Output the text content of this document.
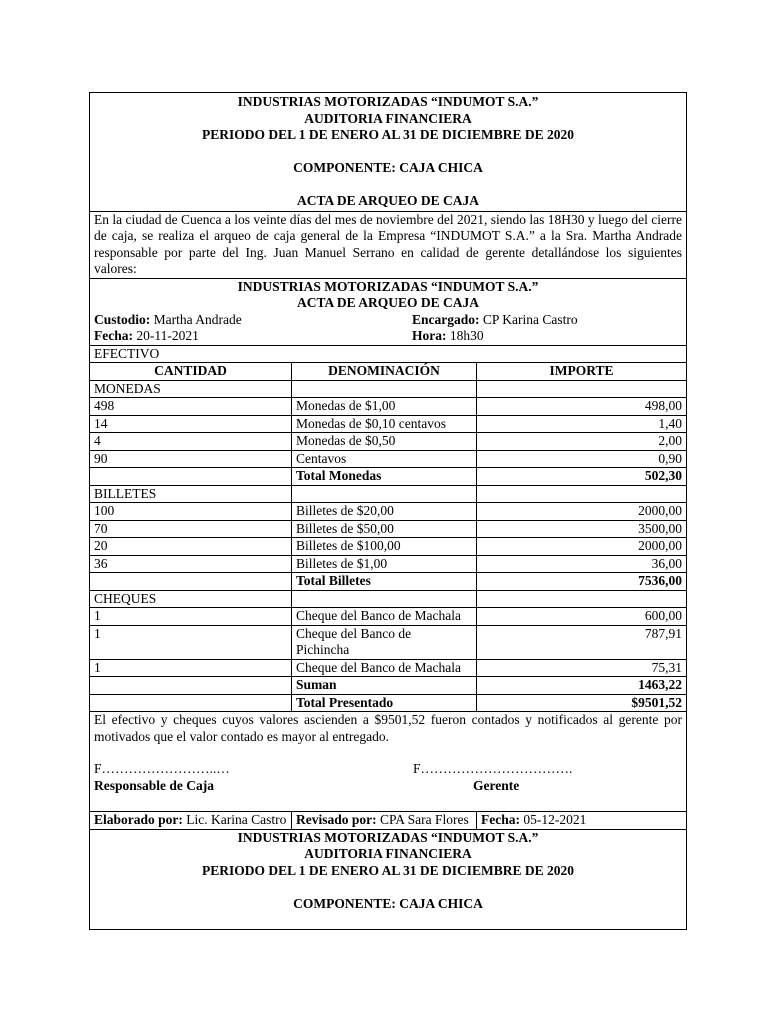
INDUSTRIAS MOTORIZADAS “INDUMOT S.A.”
AUDITORIA FINANCIERA
PERIODO DEL 1 DE ENERO AL 31 DE DICIEMBRE DE 2020
COMPONENTE: CAJA CHICA
ACTA DE ARQUEO DE CAJA

En la ciudad de Cuenca a los veinte días del mes de noviembre del 2021, siendo las 18H30 y luego del cierre de caja, se realiza el arqueo de caja general de la Empresa “INDUMOT S.A.” a la Sra. Martha Andrade responsable por parte del Ing. Juan Manuel Serrano en calidad de gerente detallándose los siguientes valores:

INDUSTRIAS MOTORIZADAS “INDUMOT S.A.”
ACTA DE ARQUEO DE CAJA
Custodio: Martha Andrade	Encargado: CP Karina Castro
Fecha: 20-11-2021	Hora: 18h30

EFECTIVO
CANTIDAD	DENOMINACIÓN	IMPORTE
MONEDAS		
498	Monedas de $1,00	498,00
14	Monedas de $0,10 centavos	1,40
4	Monedas de $0,50	2,00
90	Centavos	0,90
	Total Monedas	502,30
BILLETES		
100	Billetes de $20,00	2000,00
70	Billetes de $50,00	3500,00
20	Billetes de $100,00	2000,00
36	Billetes de $1,00	36,00
	Total Billetes	7536,00
CHEQUES		
1	Cheque del Banco de Machala	600,00
1	Cheque del Banco de Pichincha	787,91
1	Cheque del Banco de Machala	75,31
	Suman	1463,22
	Total Presentado	$9501,52
El efectivo y cheques cuyos valores ascienden a $9501,52 fueron contados y notificados al gerente por motivados que el valor contado es mayor al entregado.
F……………………..…
Responsable de Caja
F…………………………….
Gerente
Elaborado por: Lic. Karina Castro	Revisado por: CPA Sara Flores	Fecha: 05-12-2021
INDUSTRIAS MOTORIZADAS “INDUMOT S.A.”
AUDITORIA FINANCIERA
PERIODO DEL 1 DE ENERO AL 31 DE DICIEMBRE DE 2020
COMPONENTE: CAJA CHICA
